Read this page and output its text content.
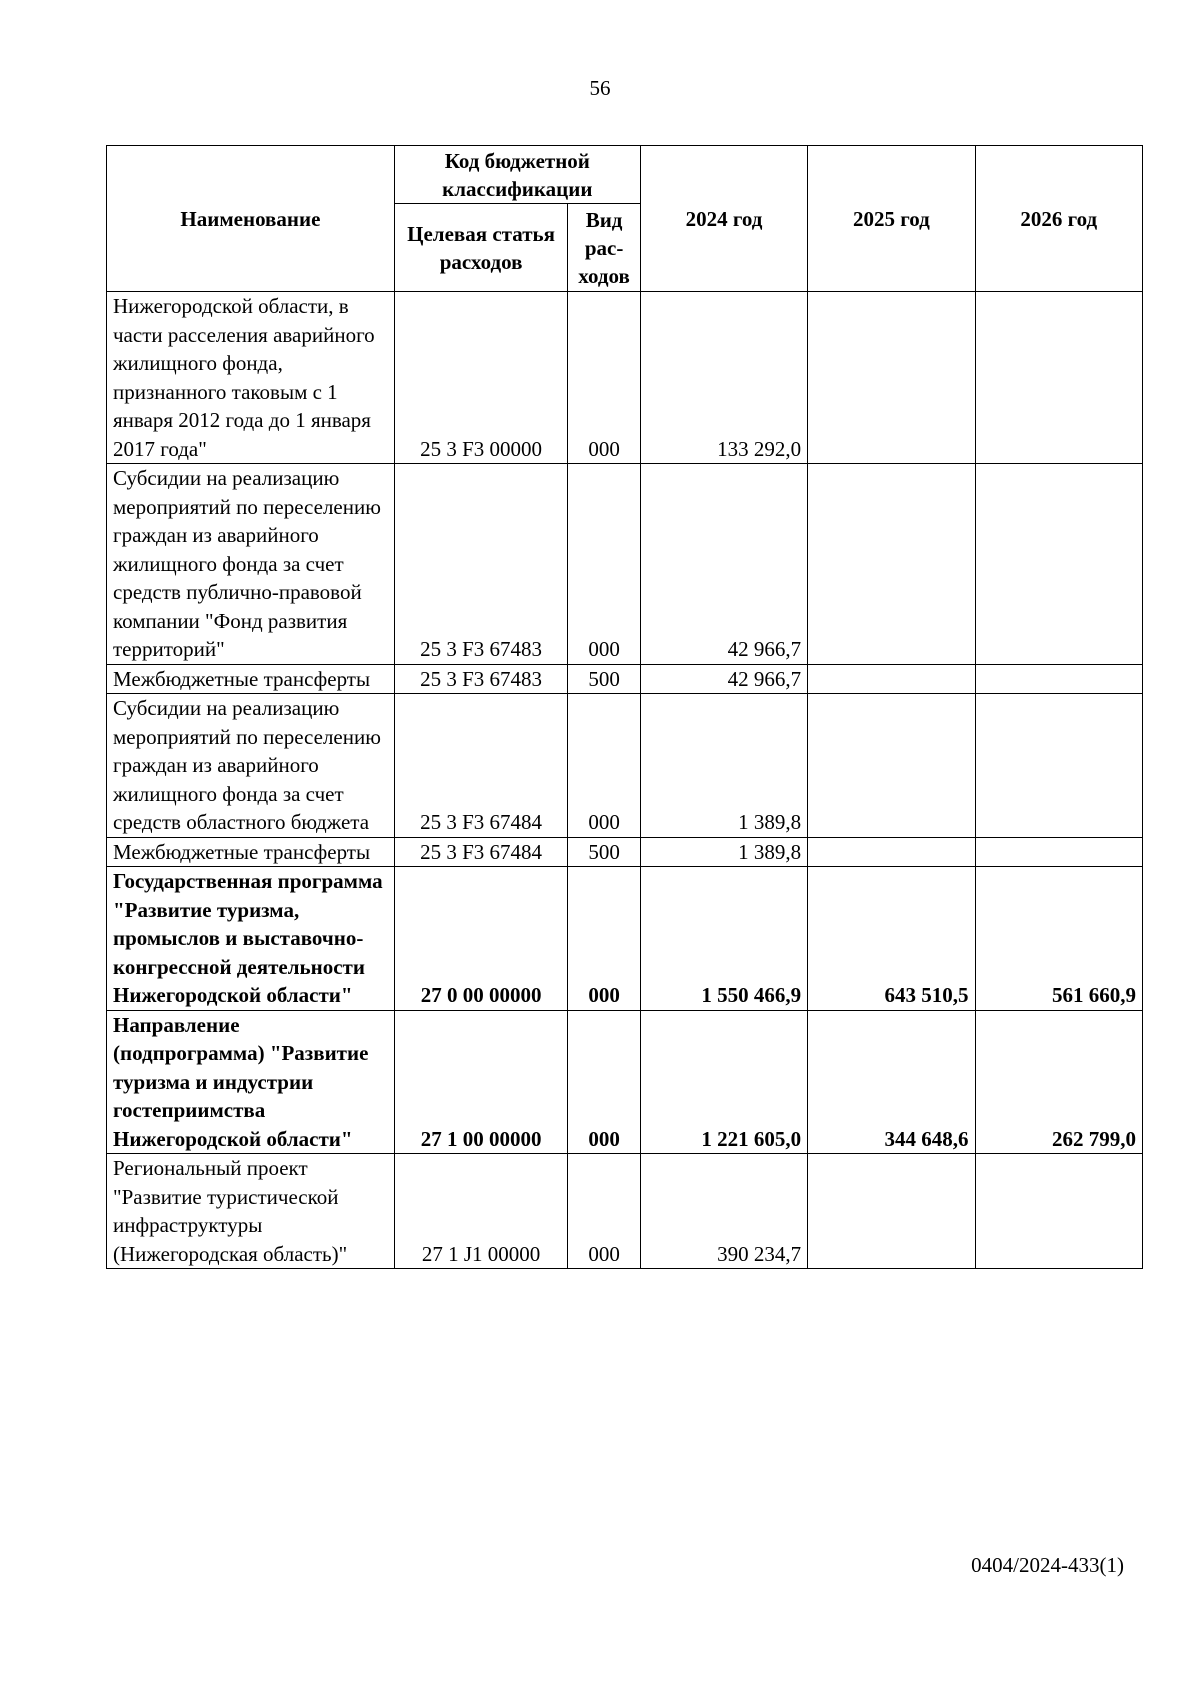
56
Наименование	Код бюджетной классификации		2024 год	2025 год	2026 год
	Целевая статья расходов	Вид рас-ходов			
Нижегородской области, в части расселения аварийного жилищного фонда, признанного таковым с 1 января 2012 года до 1 января 2017 года"	25 3 F3 00000	000	133 292,0		
Субсидии на реализацию мероприятий по переселению граждан из аварийного жилищного фонда за счет средств публично-правовой компании "Фонд развития территорий"	25 3 F3 67483	000	42 966,7		
Межбюджетные трансферты	25 3 F3 67483	500	42 966,7		
Субсидии на реализацию мероприятий по переселению граждан из аварийного жилищного фонда за счет средств областного бюджета	25 3 F3 67484	000	1 389,8		
Межбюджетные трансферты	25 3 F3 67484	500	1 389,8		
Государственная программа "Развитие туризма, промыслов и выставочно-конгрессной деятельности Нижегородской области"	27 0 00 00000	000	1 550 466,9	643 510,5	561 660,9
Направление (подпрограмма) "Развитие туризма и индустрии гостеприимства Нижегородской области"	27 1 00 00000	000	1 221 605,0	344 648,6	262 799,0
Региональный проект "Развитие туристической инфраструктуры (Нижегородская область)"	27 1 J1 00000	000	390 234,7		
0404/2024-433(1)
